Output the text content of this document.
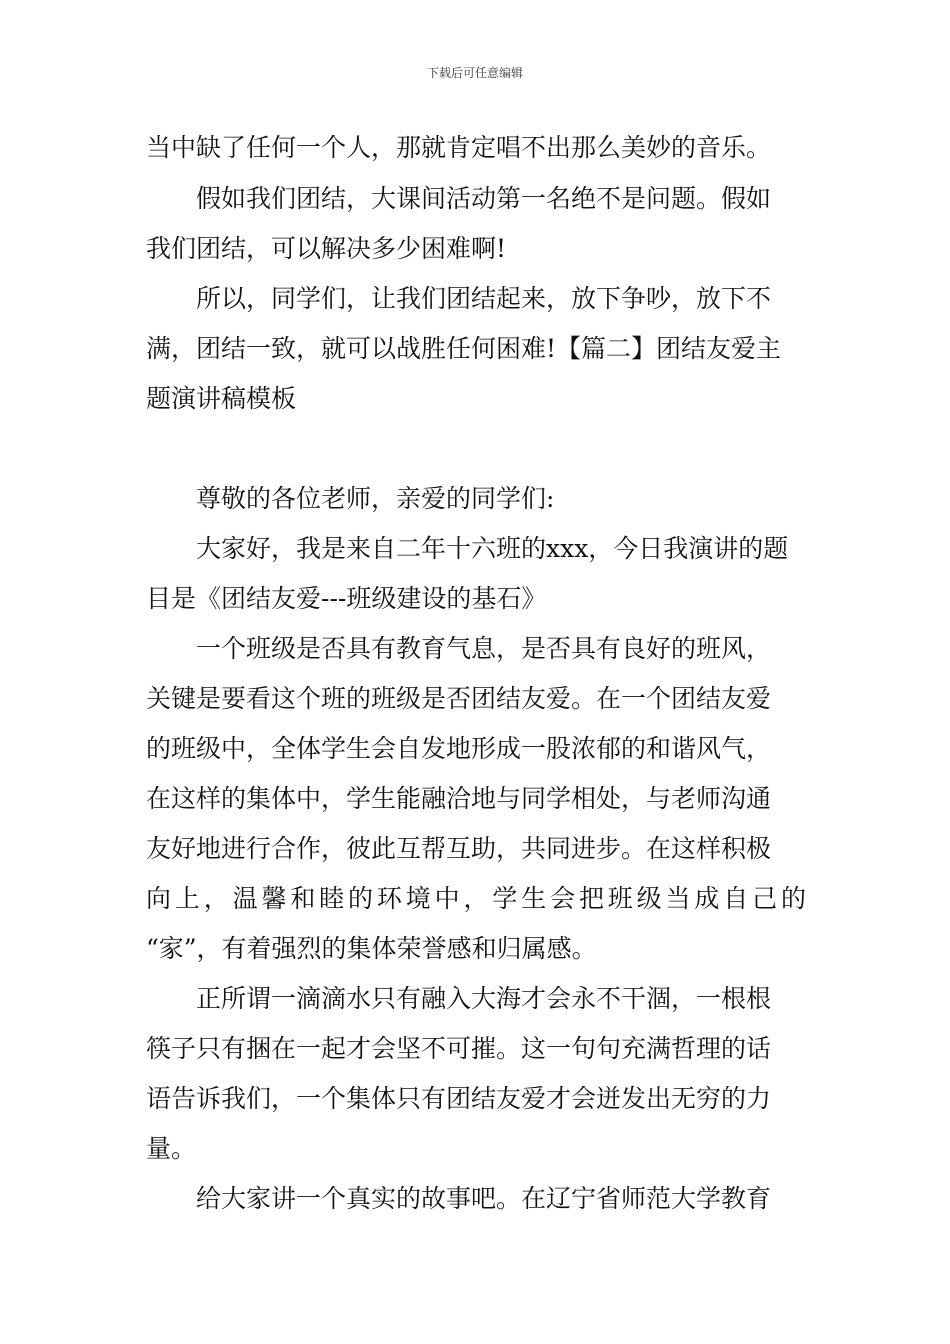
下载后可任意编辑
当中缺了任何一个人，那就肯定唱不出那么美妙的音乐。
假如我们团结，大课间活动第一名绝不是问题。假如
我们团结，可以解决多少困难啊!
所以，同学们，让我们团结起来，放下争吵，放下不
满，团结一致，就可以战胜任何困难!【篇二】团结友爱主
题演讲稿模板
尊敬的各位老师，亲爱的同学们:
大家好，我是来自二年十六班的xxx，今日我演讲的题
目是《团结友爱---班级建设的基石》
一个班级是否具有教育气息，是否具有良好的班风，
关键是要看这个班的班级是否团结友爱。在一个团结友爱
的班级中，全体学生会自发地形成一股浓郁的和谐风气，
在这样的集体中，学生能融洽地与同学相处，与老师沟通
友好地进行合作，彼此互帮互助，共同进步。在这样积极
向上，温馨和睦的环境中，学生会把班级当成自己的
“家”，有着强烈的集体荣誉感和归属感。
正所谓一滴滴水只有融入大海才会永不干涸，一根根
筷子只有捆在一起才会坚不可摧。这一句句充满哲理的话
语告诉我们，一个集体只有团结友爱才会迸发出无穷的力
量。
给大家讲一个真实的故事吧。在辽宁省师范大学教育
